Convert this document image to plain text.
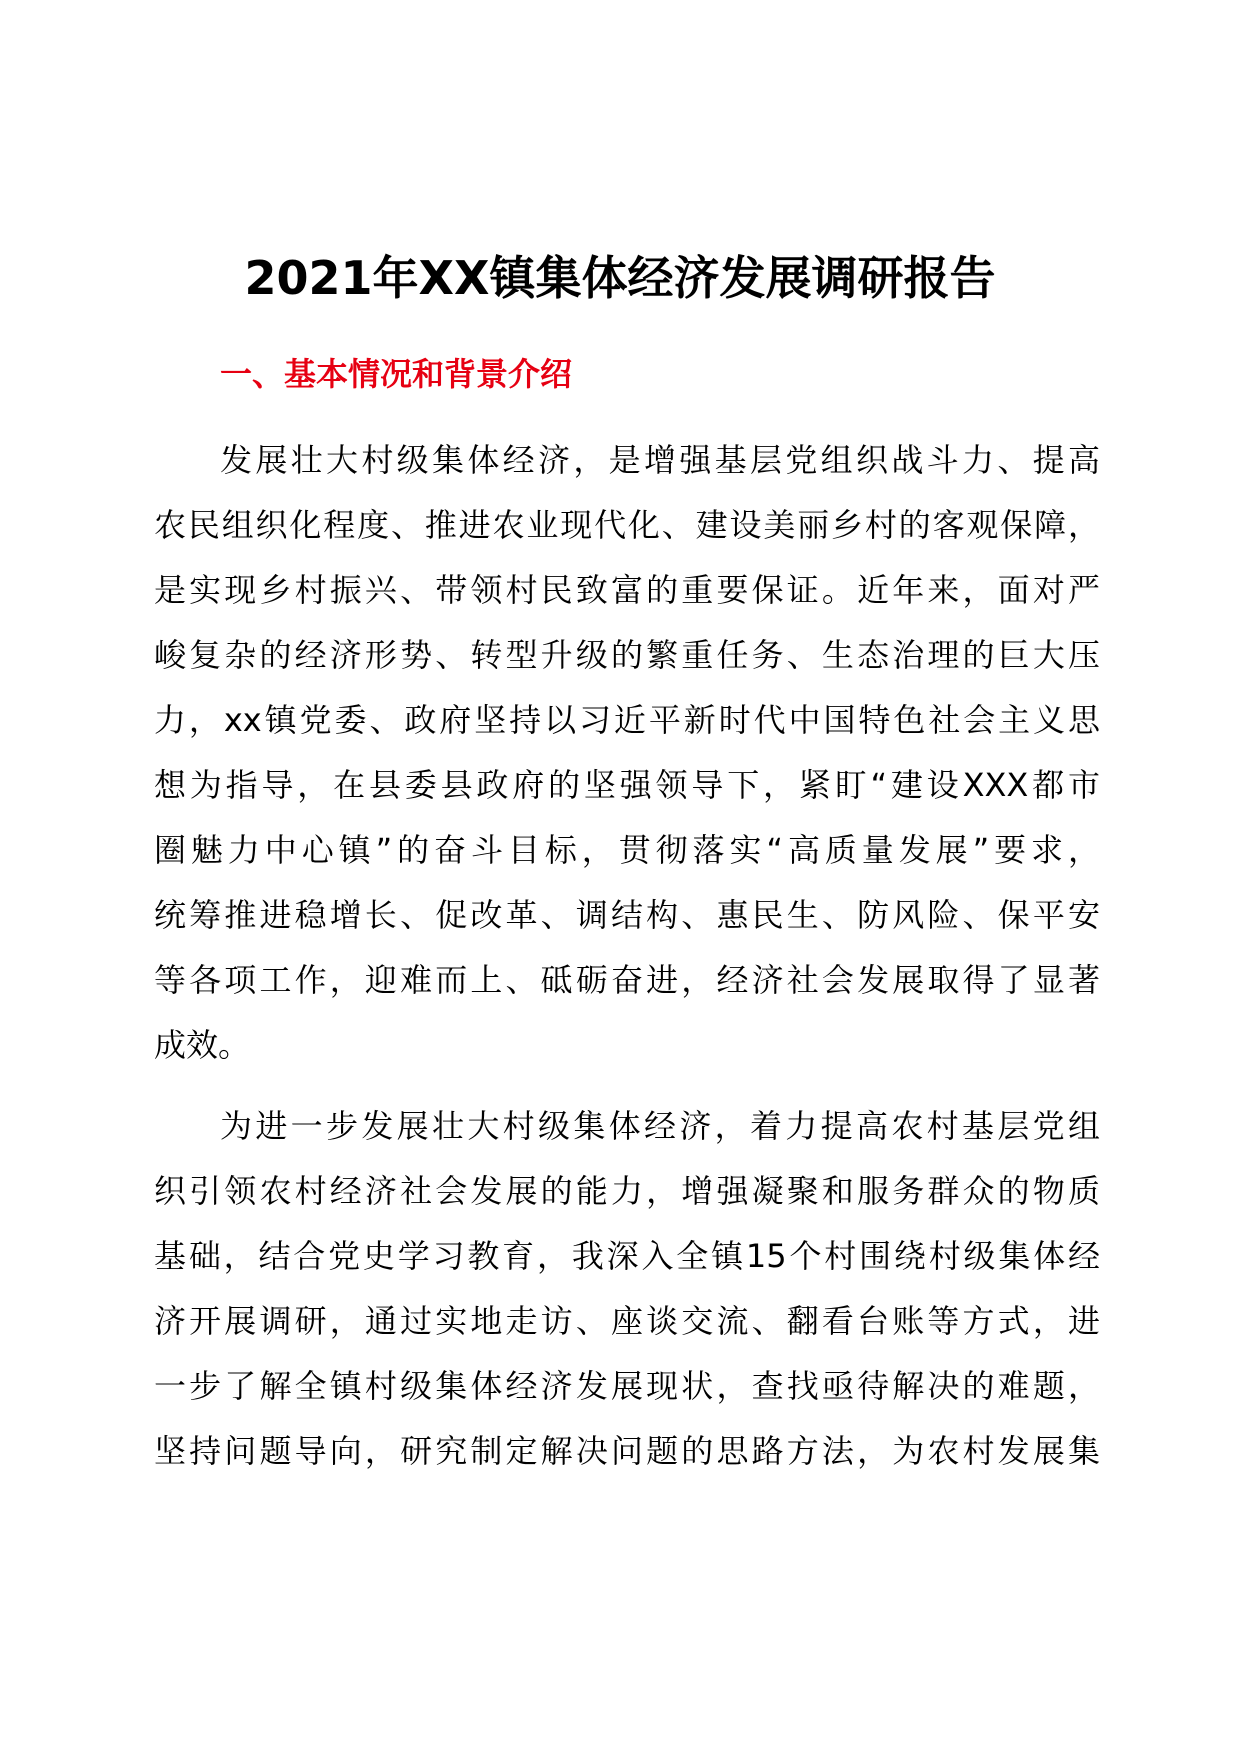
2021年XX镇集体经济发展调研报告
一、基本情况和背景介绍
发展壮大村级集体经济，是增强基层党组织战斗力、提高
农民组织化程度、推进农业现代化、建设美丽乡村的客观保障，
是实现乡村振兴、带领村民致富的重要保证。近年来，面对严
峻复杂的经济形势、转型升级的繁重任务、生态治理的巨大压
力，xx镇党委、政府坚持以习近平新时代中国特色社会主义思
想为指导，在县委县政府的坚强领导下，紧盯“建设XXX都市
圈魅力中心镇”的奋斗目标，贯彻落实“高质量发展”要求，
统筹推进稳增长、促改革、调结构、惠民生、防风险、保平安
等各项工作，迎难而上、砥砺奋进，经济社会发展取得了显著
成效。
为进一步发展壮大村级集体经济，着力提高农村基层党组
织引领农村经济社会发展的能力，增强凝聚和服务群众的物质
基础，结合党史学习教育，我深入全镇15个村围绕村级集体经
济开展调研，通过实地走访、座谈交流、翻看台账等方式，进
一步了解全镇村级集体经济发展现状，查找亟待解决的难题，
坚持问题导向，研究制定解决问题的思路方法，为农村发展集
